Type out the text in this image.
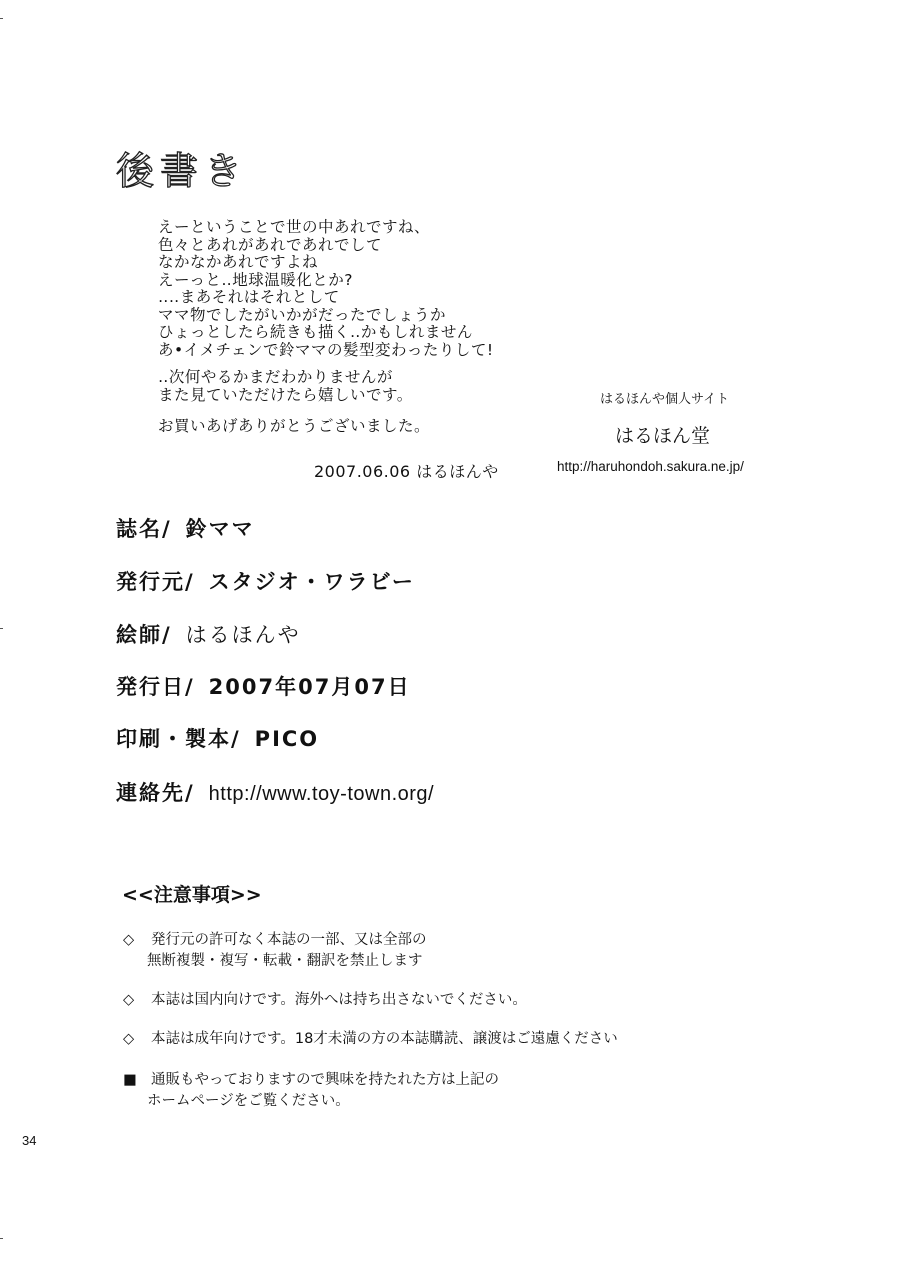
後書き
えーということで世の中あれですね、
色々とあれがあれであれでして
なかなかあれですよね
えーっと‥地球温暖化とか?
‥‥まあそれはそれとして
ママ物でしたがいかがだったでしょうか
ひょっとしたら続きも描く‥かもしれません
あ•イメチェンで鈴ママの髪型変わったりして!
‥次何やるかまだわかりませんが
また見ていただけたら嬉しいです。
お買いあげありがとうございました。
2007.06.06 はるほんや
はるほんや個人サイト
はるほん堂
http://haruhondoh.sakura.ne.jp/
誌名/ 鈴ママ
発行元/ スタジオ・ワラビー
絵師/ はるほんや
発行日/ 2007年07月07日
印刷・製本/ PICO
連絡先/ http://www.toy-town.org/
<<注意事項>>
◇ 発行元の許可なく本誌の一部、又は全部の
無断複製・複写・転載・翻訳を禁止します
◇ 本誌は国内向けです。海外へは持ち出さないでください。
◇ 本誌は成年向けです。18才未満の方の本誌購読、譲渡はご遠慮ください
■ 通販もやっておりますので興味を持たれた方は上記の
ホームページをご覧ください。
34
